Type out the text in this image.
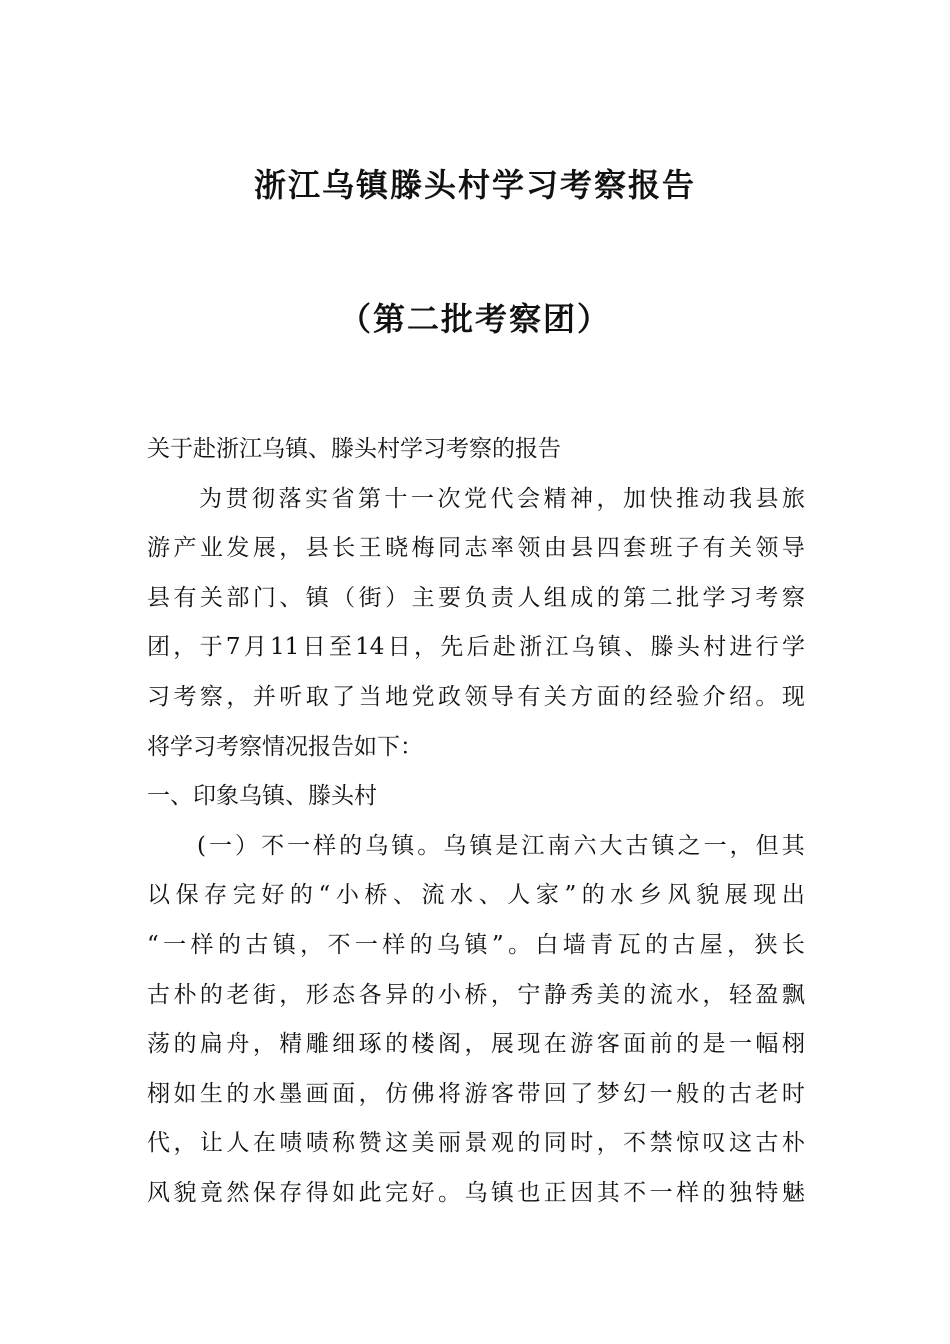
浙江乌镇滕头村学习考察报告
（第二批考察团）
关于赴浙江乌镇、滕头村学习考察的报告
为 贯 彻 落 实 省 第 十 一 次 党 代 会 精 神 ， 加 快 推 动 我 县 旅
游 产 业 发 展 ， 县 长 王 晓 梅 同 志 率 领 由 县 四 套 班 子 有 关 领 导
县 有 关 部 门 、 镇 （ 街 ） 主 要 负 责 人 组 成 的 第 二 批 学 习 考 察
团 ， 于 7 月 11 日 至 14 日 ， 先 后 赴 浙 江 乌 镇 、 滕 头 村 进 行 学
习 考 察 ， 并 听 取 了 当 地 党 政 领 导 有 关 方 面 的 经 验 介 绍 。 现
将学习考察情况报告如下：
一、印象乌镇、滕头村
( 一 ） 不 一 样 的 乌 镇 。 乌 镇 是 江 南 六 大 古 镇 之 一 ， 但 其
以 保 存 完 好 的 “ 小 桥 、 流 水 、 人 家 ” 的 水 乡 风 貌 展 现 出
“ 一 样 的 古 镇 ， 不 一 样 的 乌 镇 ” 。 白 墙 青 瓦 的 古 屋 ， 狭 长
古 朴 的 老 街 ， 形 态 各 异 的 小 桥 ， 宁 静 秀 美 的 流 水 ， 轻 盈 飘
荡 的 扁 舟 ， 精 雕 细 琢 的 楼 阁 ， 展 现 在 游 客 面 前 的 是 一 幅 栩
栩 如 生 的 水 墨 画 面 ， 仿 佛 将 游 客 带 回 了 梦 幻 一 般 的 古 老 时
代 ， 让 人 在 啧 啧 称 赞 这 美 丽 景 观 的 同 时 ， 不 禁 惊 叹 这 古 朴
风 貌 竟 然 保 存 得 如 此 完 好 。 乌 镇 也 正 因 其 不 一 样 的 独 特 魅
